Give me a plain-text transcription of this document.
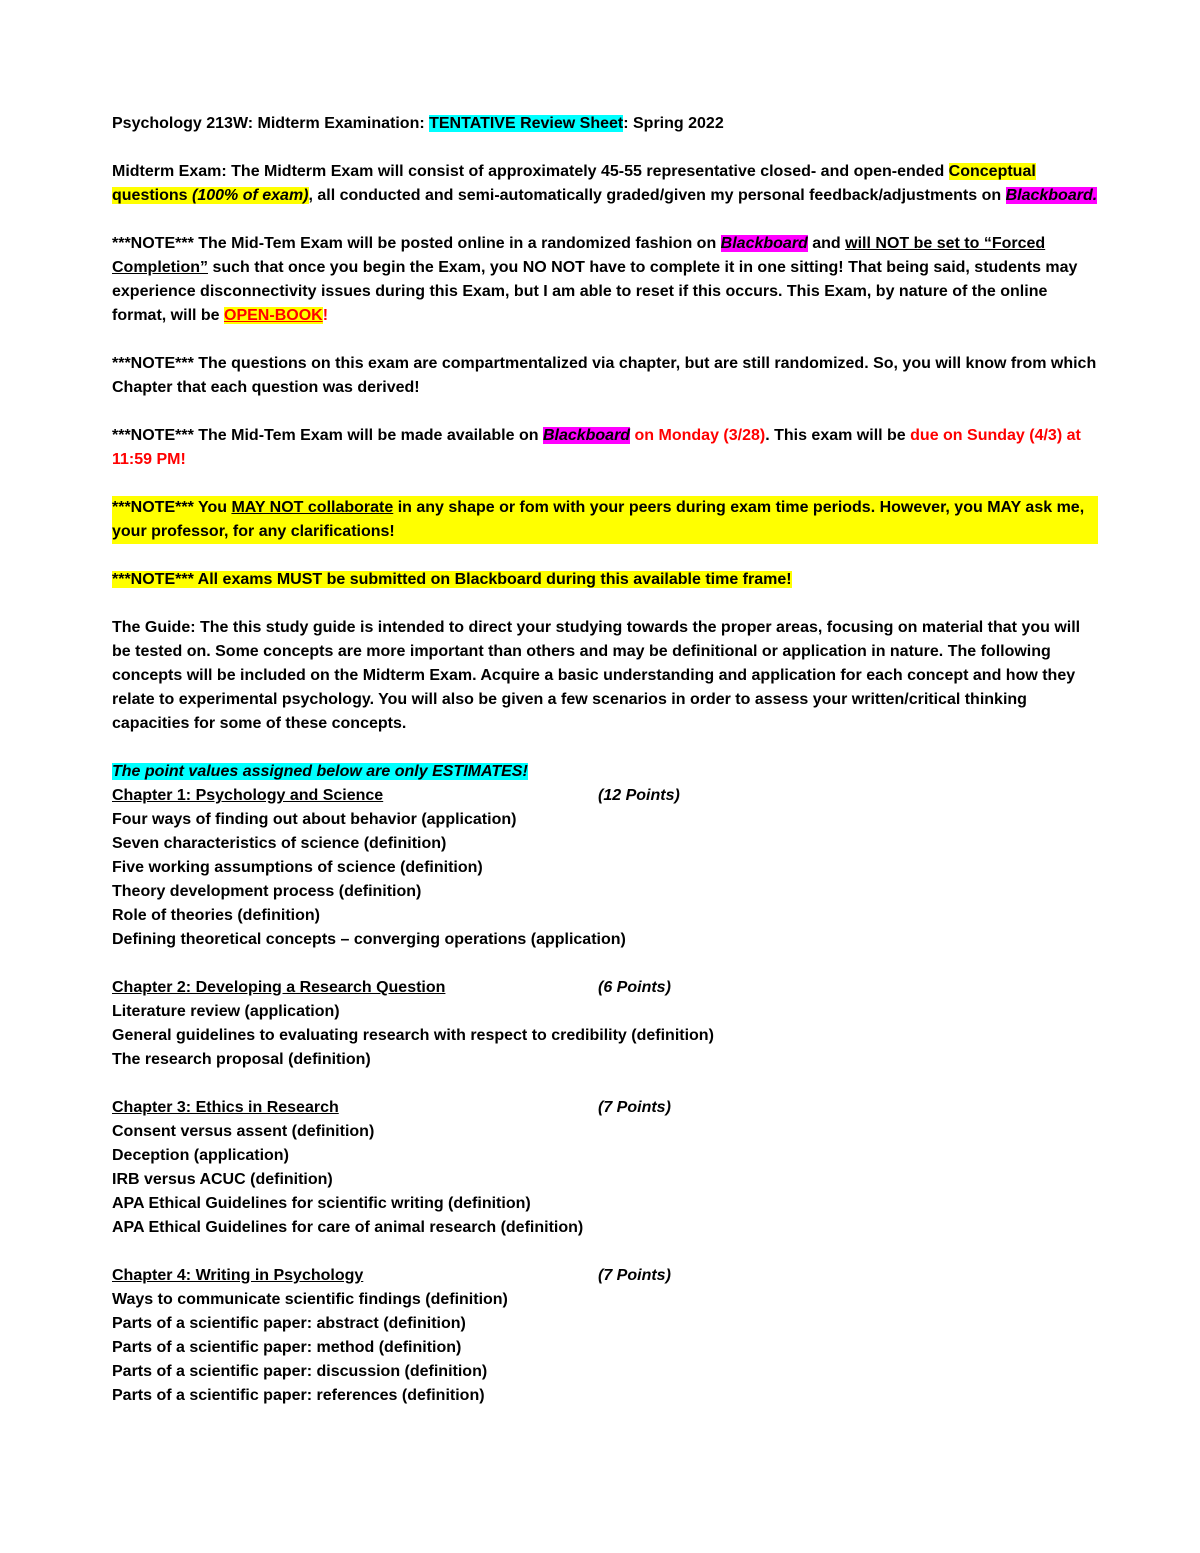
Psychology 213W: Midterm Examination: TENTATIVE Review Sheet: Spring 2022

Midterm Exam: The Midterm Exam will consist of approximately 45-55 representative closed- and open-ended Conceptual questions (100% of exam), all conducted and semi-automatically graded/given my personal feedback/adjustments on Blackboard.

***NOTE*** The Mid-Tem Exam will be posted online in a randomized fashion on Blackboard and will NOT be set to “Forced Completion” such that once you begin the Exam, you NO NOT have to complete it in one sitting! That being said, students may experience disconnectivity issues during this Exam, but I am able to reset if this occurs. This Exam, by nature of the online format, will be OPEN-BOOK!

***NOTE*** The questions on this exam are compartmentalized via chapter, but are still randomized. So, you will know from which Chapter that each question was derived!

***NOTE*** The Mid-Tem Exam will be made available on Blackboard on Monday (3/28). This exam will be due on Sunday (4/3) at 11:59 PM!

***NOTE*** You MAY NOT collaborate in any shape or fom with your peers during exam time periods. However, you MAY ask me, your professor, for any clarifications!

***NOTE*** All exams MUST be submitted on Blackboard during this available time frame!

The Guide: The this study guide is intended to direct your studying towards the proper areas, focusing on material that you will be tested on. Some concepts are more important than others and may be definitional or application in nature. The following concepts will be included on the Midterm Exam. Acquire a basic understanding and application for each concept and how they relate to experimental psychology. You will also be given a few scenarios in order to assess your written/critical thinking capacities for some of these concepts.

The point values assigned below are only ESTIMATES!
Chapter 1: Psychology and Science	(12 Points)
Four ways of finding out about behavior (application)
Seven characteristics of science (definition)
Five working assumptions of science (definition)
Theory development process (definition)
Role of theories (definition)
Defining theoretical concepts – converging operations (application)
Chapter 2: Developing a Research Question	(6 Points)
Literature review (application)
General guidelines to evaluating research with respect to credibility (definition)
The research proposal (definition)
Chapter 3: Ethics in Research	(7 Points)
Consent versus assent (definition)
Deception (application)
IRB versus ACUC (definition)
APA Ethical Guidelines for scientific writing (definition)
APA Ethical Guidelines for care of animal research (definition)
Chapter 4: Writing in Psychology	(7 Points)
Ways to communicate scientific findings (definition)
Parts of a scientific paper: abstract (definition)
Parts of a scientific paper: method (definition)
Parts of a scientific paper: discussion (definition)
Parts of a scientific paper: references (definition)
